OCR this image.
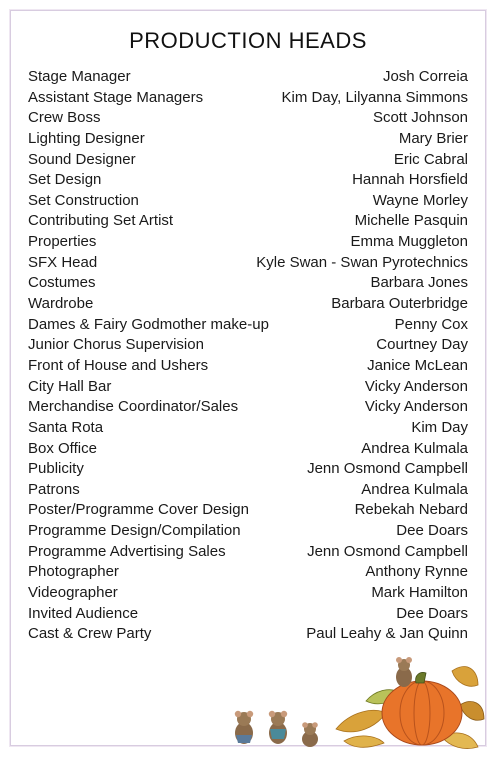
PRODUCTION HEADS
Stage Manager	Josh Correia
Assistant Stage Managers	Kim Day, Lilyanna Simmons
Crew Boss	Scott Johnson
Lighting Designer	Mary Brier
Sound Designer	Eric Cabral
Set Design	Hannah Horsfield
Set Construction	Wayne Morley
Contributing Set Artist	Michelle Pasquin
Properties	Emma Muggleton
SFX Head	Kyle Swan - Swan Pyrotechnics
Costumes	Barbara Jones
Wardrobe	Barbara Outerbridge
Dames & Fairy Godmother make-up	Penny Cox
Junior Chorus Supervision	Courtney Day
Front of House and Ushers	Janice McLean
City Hall Bar	Vicky Anderson
Merchandise Coordinator/Sales	Vicky Anderson
Santa Rota	Kim Day
Box Office	Andrea Kulmala
Publicity	Jenn Osmond Campbell
Patrons	Andrea Kulmala
Poster/Programme Cover Design	Rebekah Nebard
Programme Design/Compilation	Dee Doars
Programme Advertising Sales	Jenn Osmond Campbell
Photographer	Anthony Rynne
Videographer	Mark Hamilton
Invited Audience	Dee Doars
Cast & Crew Party	Paul Leahy & Jan Quinn
